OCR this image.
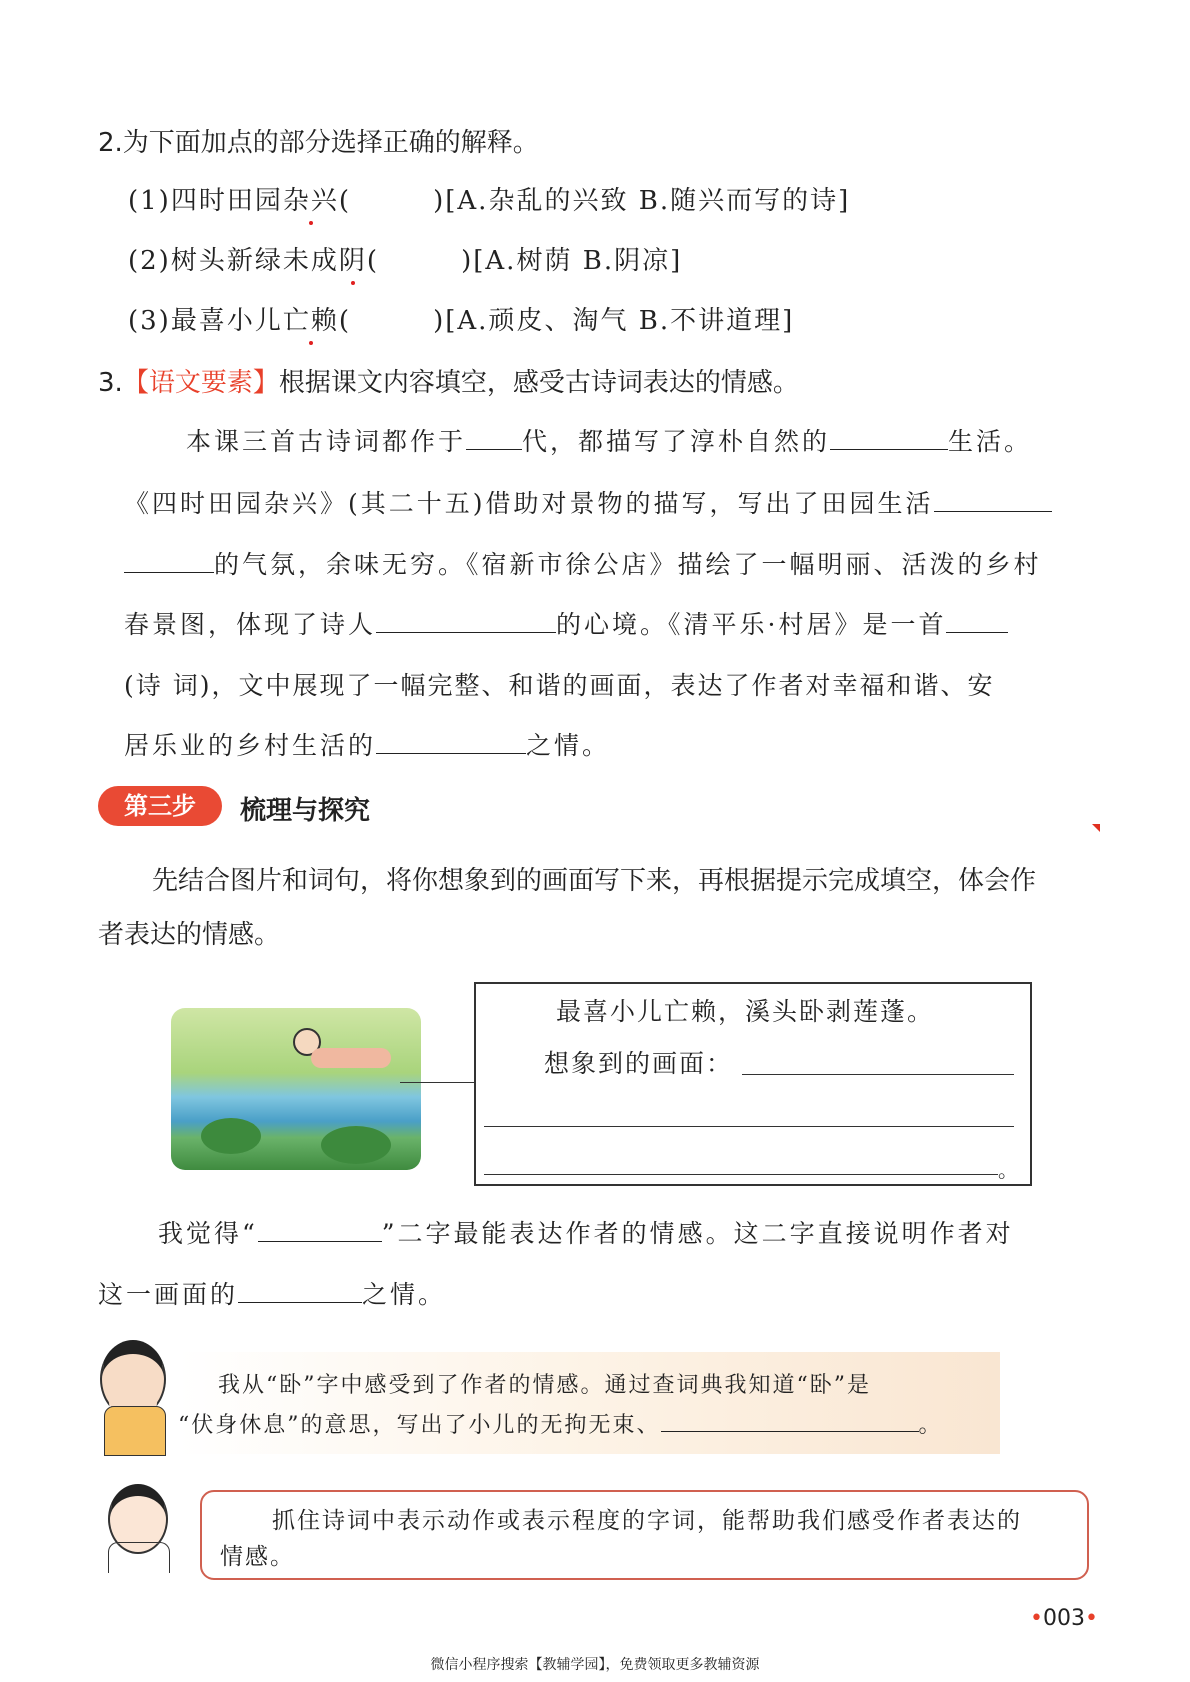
2.为下面加点的部分选择正确的解释。
(1)四时田园杂兴(        )[A.杂乱的兴致 B.随兴而写的诗]
(2)树头新绿未成阴(        )[A.树荫 B.阴凉]
(3)最喜小儿亡赖(        )[A.顽皮、淘气 B.不讲道理]
3.【语文要素】根据课文内容填空，感受古诗词表达的情感。
本课三首古诗词都作于 代，都描写了淳朴自然的	生活。
《四时田园杂兴》(其二十五)借助对景物的描写，写出了田园生活
的气氛，余味无穷。《宿新市徐公店》描绘了一幅明丽、活泼的乡村
春景图，体现了诗人	的心境。《清平乐·村居》是一首
(诗 词)，文中展现了一幅完整、和谐的画面，表达了作者对幸福和谐、安
居乐业的乡村生活的	之情。
第三步	梳理与探究
先结合图片和词句，将你想象到的画面写下来，再根据提示完成填空，体会作
者表达的情感。
最喜小儿亡赖，溪头卧剥莲蓬。
想象到的画面：
。
我觉得“	”二字最能表达作者的情感。这二字直接说明作者对
这一画面的	之情。
我从“卧”字中感受到了作者的情感。通过查词典我知道“卧”是
“伏身休息”的意思，写出了小儿的无拘无束、	。
抓住诗词中表示动作或表示程度的字词，能帮助我们感受作者表达的
情感。
•003•
微信小程序搜索【教辅学园】，免费领取更多教辅资源
